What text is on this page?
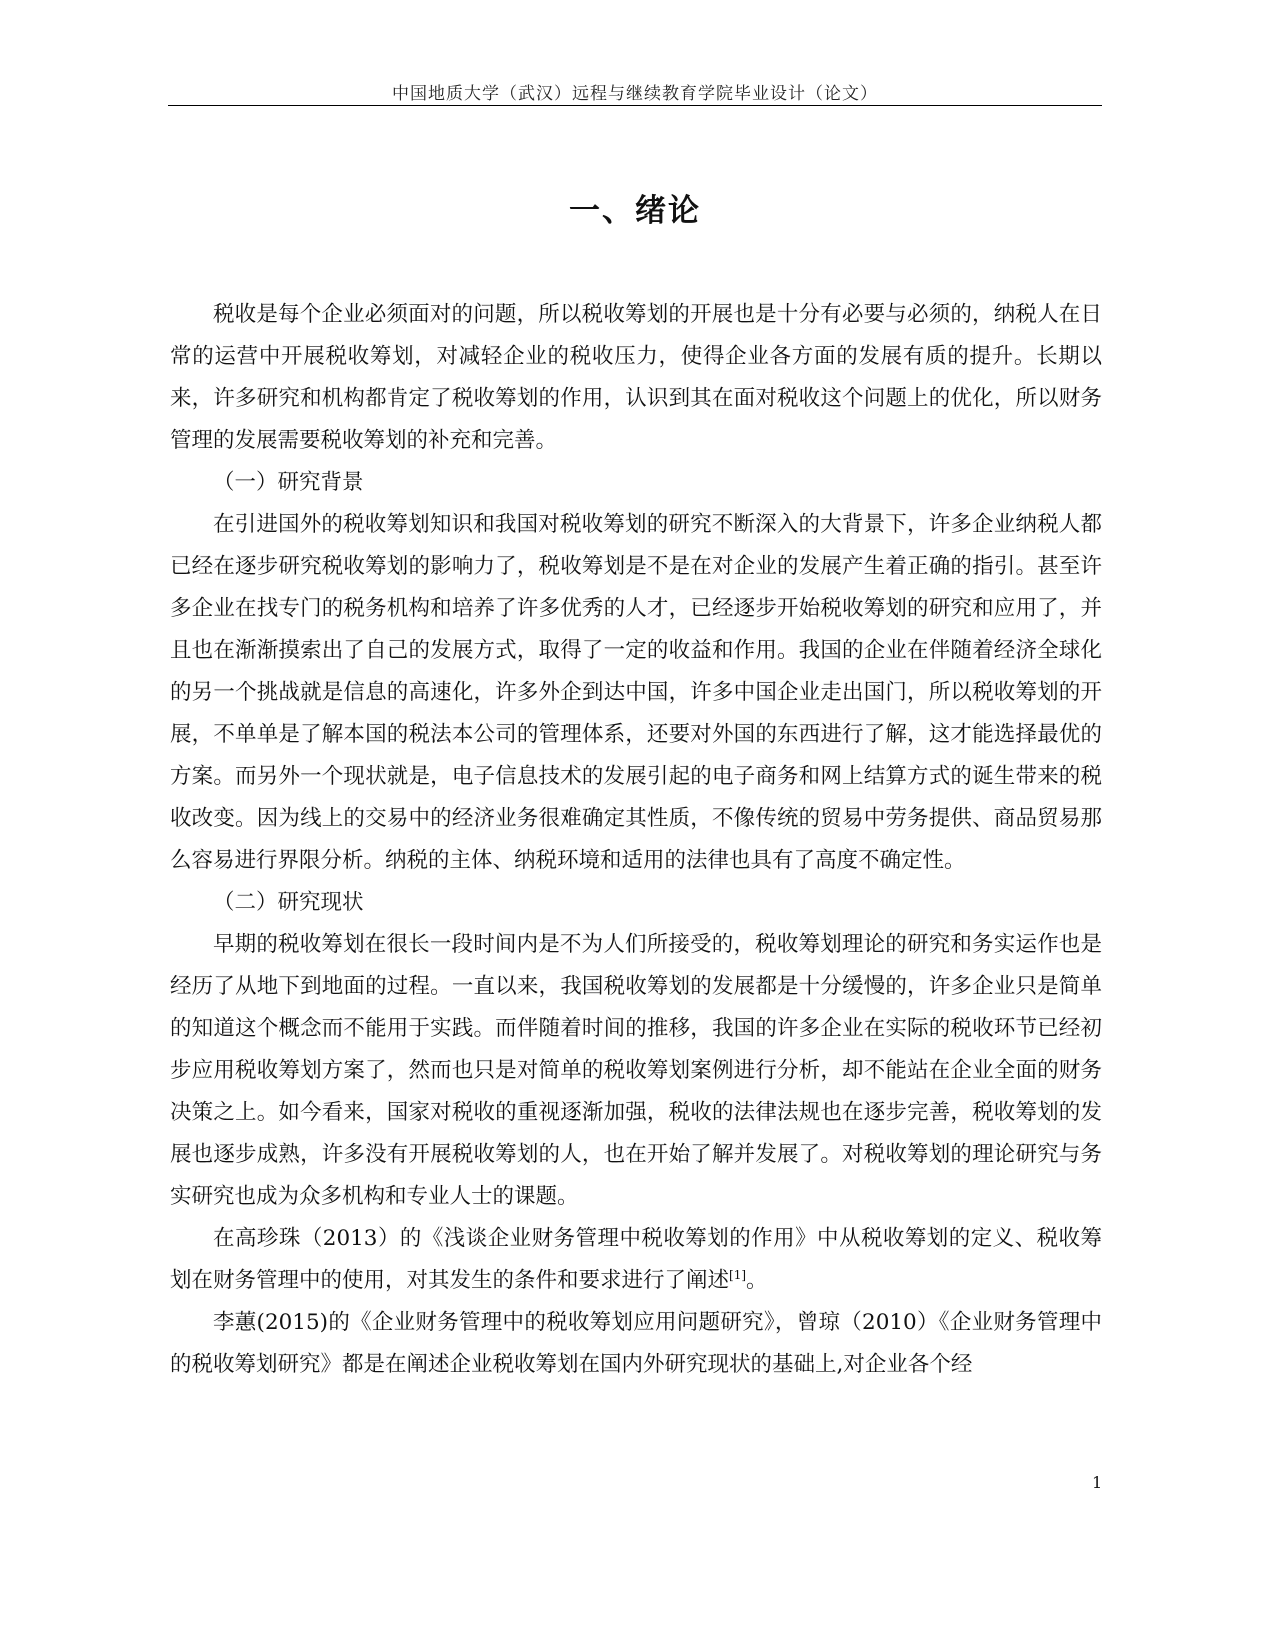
中国地质大学（武汉）远程与继续教育学院毕业设计（论文）
一、绪论

税收是每个企业必须面对的问题，所以税收筹划的开展也是十分有必要与必须的，纳税人在日常的运营中开展税收筹划，对减轻企业的税收压力，使得企业各方面的发展有质的提升。长期以来，许多研究和机构都肯定了税收筹划的作用，认识到其在面对税收这个问题上的优化，所以财务管理的发展需要税收筹划的补充和完善。

（一）研究背景

在引进国外的税收筹划知识和我国对税收筹划的研究不断深入的大背景下，许多企业纳税人都已经在逐步研究税收筹划的影响力了，税收筹划是不是在对企业的发展产生着正确的指引。甚至许多企业在找专门的税务机构和培养了许多优秀的人才，已经逐步开始税收筹划的研究和应用了，并且也在渐渐摸索出了自己的发展方式，取得了一定的收益和作用。我国的企业在伴随着经济全球化的另一个挑战就是信息的高速化，许多外企到达中国，许多中国企业走出国门，所以税收筹划的开展，不单单是了解本国的税法本公司的管理体系，还要对外国的东西进行了解，这才能选择最优的方案。而另外一个现状就是，电子信息技术的发展引起的电子商务和网上结算方式的诞生带来的税收改变。因为线上的交易中的经济业务很难确定其性质，不像传统的贸易中劳务提供、商品贸易那么容易进行界限分析。纳税的主体、纳税环境和适用的法律也具有了高度不确定性。

（二）研究现状

早期的税收筹划在很长一段时间内是不为人们所接受的，税收筹划理论的研究和务实运作也是经历了从地下到地面的过程。一直以来，我国税收筹划的发展都是十分缓慢的，许多企业只是简单的知道这个概念而不能用于实践。而伴随着时间的推移，我国的许多企业在实际的税收环节已经初步应用税收筹划方案了，然而也只是对简单的税收筹划案例进行分析，却不能站在企业全面的财务决策之上。如今看来，国家对税收的重视逐渐加强，税收的法律法规也在逐步完善，税收筹划的发展也逐步成熟，许多没有开展税收筹划的人，也在开始了解并发展了。对税收筹划的理论研究与务实研究也成为众多机构和专业人士的课题。

在高珍珠（2013）的《浅谈企业财务管理中税收筹划的作用》中从税收筹划的定义、税收筹划在财务管理中的使用，对其发生的条件和要求进行了阐述[1]。

李蕙(2015)的《企业财务管理中的税收筹划应用问题研究》，曾琼（2010）《企业财务管理中的税收筹划研究》都是在阐述企业税收筹划在国内外研究现状的基础上,对企业各个经

1
